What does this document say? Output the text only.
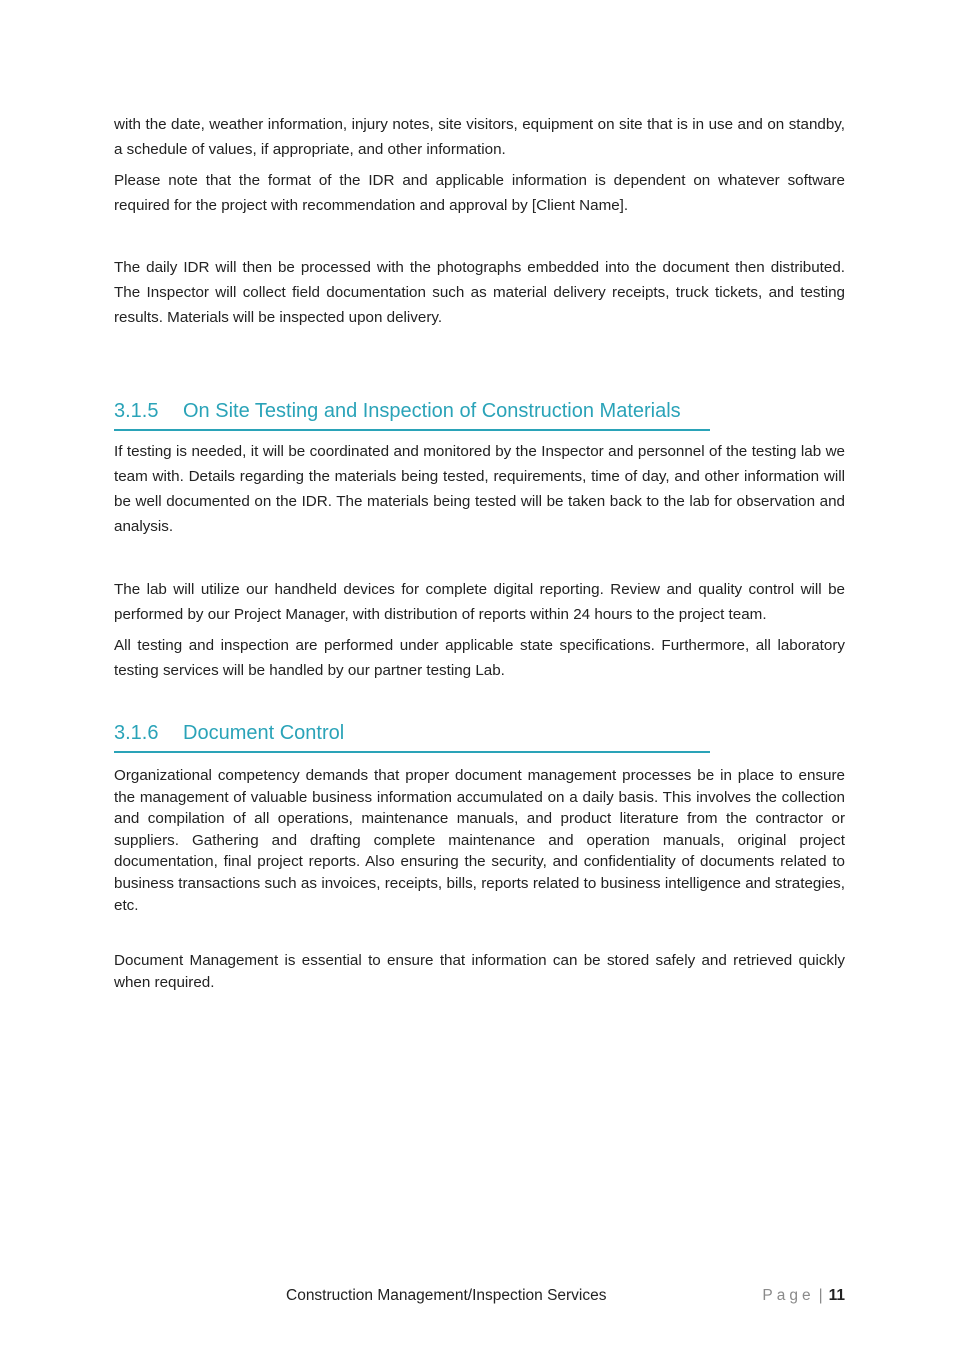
with the date, weather information, injury notes, site visitors, equipment on site that is in use and on standby, a schedule of values, if appropriate, and other information.

Please note that the format of the IDR and applicable information is dependent on whatever software required for the project with recommendation and approval by [Client Name].

The daily IDR will then be processed with the photographs embedded into the document then distributed. The Inspector will collect field documentation such as material delivery receipts, truck tickets, and testing results. Materials will be inspected upon delivery.

3.1.5 On Site Testing and Inspection of Construction Materials

If testing is needed, it will be coordinated and monitored by the Inspector and personnel of the testing lab we team with. Details regarding the materials being tested, requirements, time of day, and other information will be well documented on the IDR. The materials being tested will be taken back to the lab for observation and analysis.

The lab will utilize our handheld devices for complete digital reporting. Review and quality control will be performed by our Project Manager, with distribution of reports within 24 hours to the project team.

All testing and inspection are performed under applicable state specifications. Furthermore, all laboratory testing services will be handled by our partner testing Lab.

3.1.6 Document Control

Organizational competency demands that proper document management processes be in place to ensure the management of valuable business information accumulated on a daily basis. This involves the collection and compilation of all operations, maintenance manuals, and product literature from the contractor or suppliers. Gathering and drafting complete maintenance and operation manuals, original project documentation, final project reports. Also ensuring the security, and confidentiality of documents related to business transactions such as invoices, receipts, bills, reports related to business intelligence and strategies, etc.

Document Management is essential to ensure that information can be stored safely and retrieved quickly when required.

Construction Management/Inspection Services	Page | 11
